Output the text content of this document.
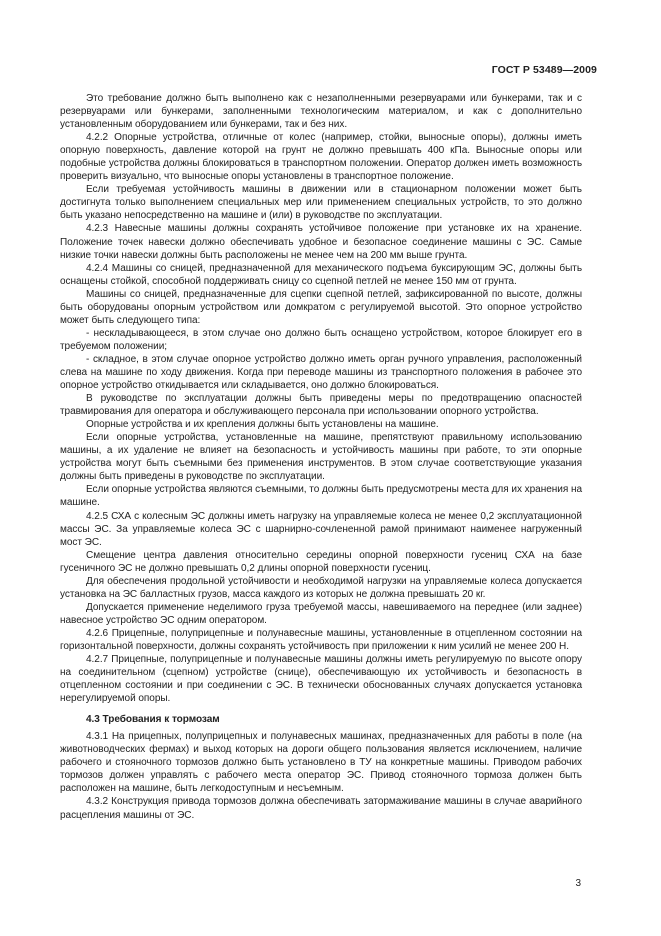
ГОСТ Р 53489—2009

Это требование должно быть выполнено как с незаполненными резервуарами или бункерами, так и с резервуарами или бункерами, заполненными технологическим материалом, и как с дополнительно установленным оборудованием или бункерами, так и без них.

4.2.2 Опорные устройства, отличные от колес (например, стойки, выносные опоры), должны иметь опорную поверхность, давление которой на грунт не должно превышать 400 кПа. Выносные опоры или подобные устройства должны блокироваться в транспортном положении. Оператор должен иметь возможность проверить визуально, что выносные опоры установлены в транспортное положение.

Если требуемая устойчивость машины в движении или в стационарном положении может быть достигнута только выполнением специальных мер или применением специальных устройств, то это должно быть указано непосредственно на машине и (или) в руководстве по эксплуатации.

4.2.3 Навесные машины должны сохранять устойчивое положение при установке их на хранение. Положение точек навески должно обеспечивать удобное и безопасное соединение машины с ЭС. Самые низкие точки навески должны быть расположены не менее чем на 200 мм выше грунта.

4.2.4 Машины со сницей, предназначенной для механического подъема буксирующим ЭС, должны быть оснащены стойкой, способной поддерживать сницу со сцепной петлей не менее 150 мм от грунта.

Машины со сницей, предназначенные для сцепки сцепной петлей, зафиксированной по высоте, должны быть оборудованы опорным устройством или домкратом с регулируемой высотой. Это опорное устройство может быть следующего типа:

- нескладывающееся, в этом случае оно должно быть оснащено устройством, которое блокирует его в требуемом положении;

- складное, в этом случае опорное устройство должно иметь орган ручного управления, расположенный слева на машине по ходу движения. Когда при переводе машины из транспортного положения в рабочее это опорное устройство откидывается или складывается, оно должно блокироваться.

В руководстве по эксплуатации должны быть приведены меры по предотвращению опасностей травмирования для оператора и обслуживающего персонала при использовании опорного устройства.

Опорные устройства и их крепления должны быть установлены на машине.

Если опорные устройства, установленные на машине, препятствуют правильному использованию машины, а их удаление не влияет на безопасность и устойчивость машины при работе, то эти опорные устройства могут быть съемными без применения инструментов. В этом случае соответствующие указания должны быть приведены в руководстве по эксплуатации.

Если опорные устройства являются съемными, то должны быть предусмотрены места для их хранения на машине.

4.2.5 СХА с колесным ЭС должны иметь нагрузку на управляемые колеса не менее 0,2 эксплуатационной массы ЭС. За управляемые колеса ЭС с шарнирно-сочлененной рамой принимают наименее нагруженный мост ЭС.

Смещение центра давления относительно середины опорной поверхности гусениц СХА на базе гусеничного ЭС не должно превышать 0,2 длины опорной поверхности гусениц.

Для обеспечения продольной устойчивости и необходимой нагрузки на управляемые колеса допускается установка на ЭС балластных грузов, масса каждого из которых не должна превышать 20 кг.

Допускается применение неделимого груза требуемой массы, навешиваемого на переднее (или заднее) навесное устройство ЭС одним оператором.

4.2.6 Прицепные, полуприцепные и полунавесные машины, установленные в отцепленном состоянии на горизонтальной поверхности, должны сохранять устойчивость при приложении к ним усилий не менее 200 Н.

4.2.7 Прицепные, полуприцепные и полунавесные машины должны иметь регулируемую по высоте опору на соединительном (сцепном) устройстве (снице), обеспечивающую их устойчивость и безопасность в отцепленном состоянии и при соединении с ЭС. В технически обоснованных случаях допускается установка нерегулируемой опоры.

4.3 Требования к тормозам

4.3.1 На прицепных, полуприцепных и полунавесных машинах, предназначенных для работы в поле (на животноводческих фермах) и выход которых на дороги общего пользования является исключением, наличие рабочего и стояночного тормозов должно быть установлено в ТУ на конкретные машины. Приводом рабочих тормозов должен управлять с рабочего места оператор ЭС. Привод стояночного тормоза должен быть расположен на машине, быть легкодоступным и несъемным.

4.3.2 Конструкция привода тормозов должна обеспечивать затормаживание машины в случае аварийного расцепления машины от ЭС.

3
